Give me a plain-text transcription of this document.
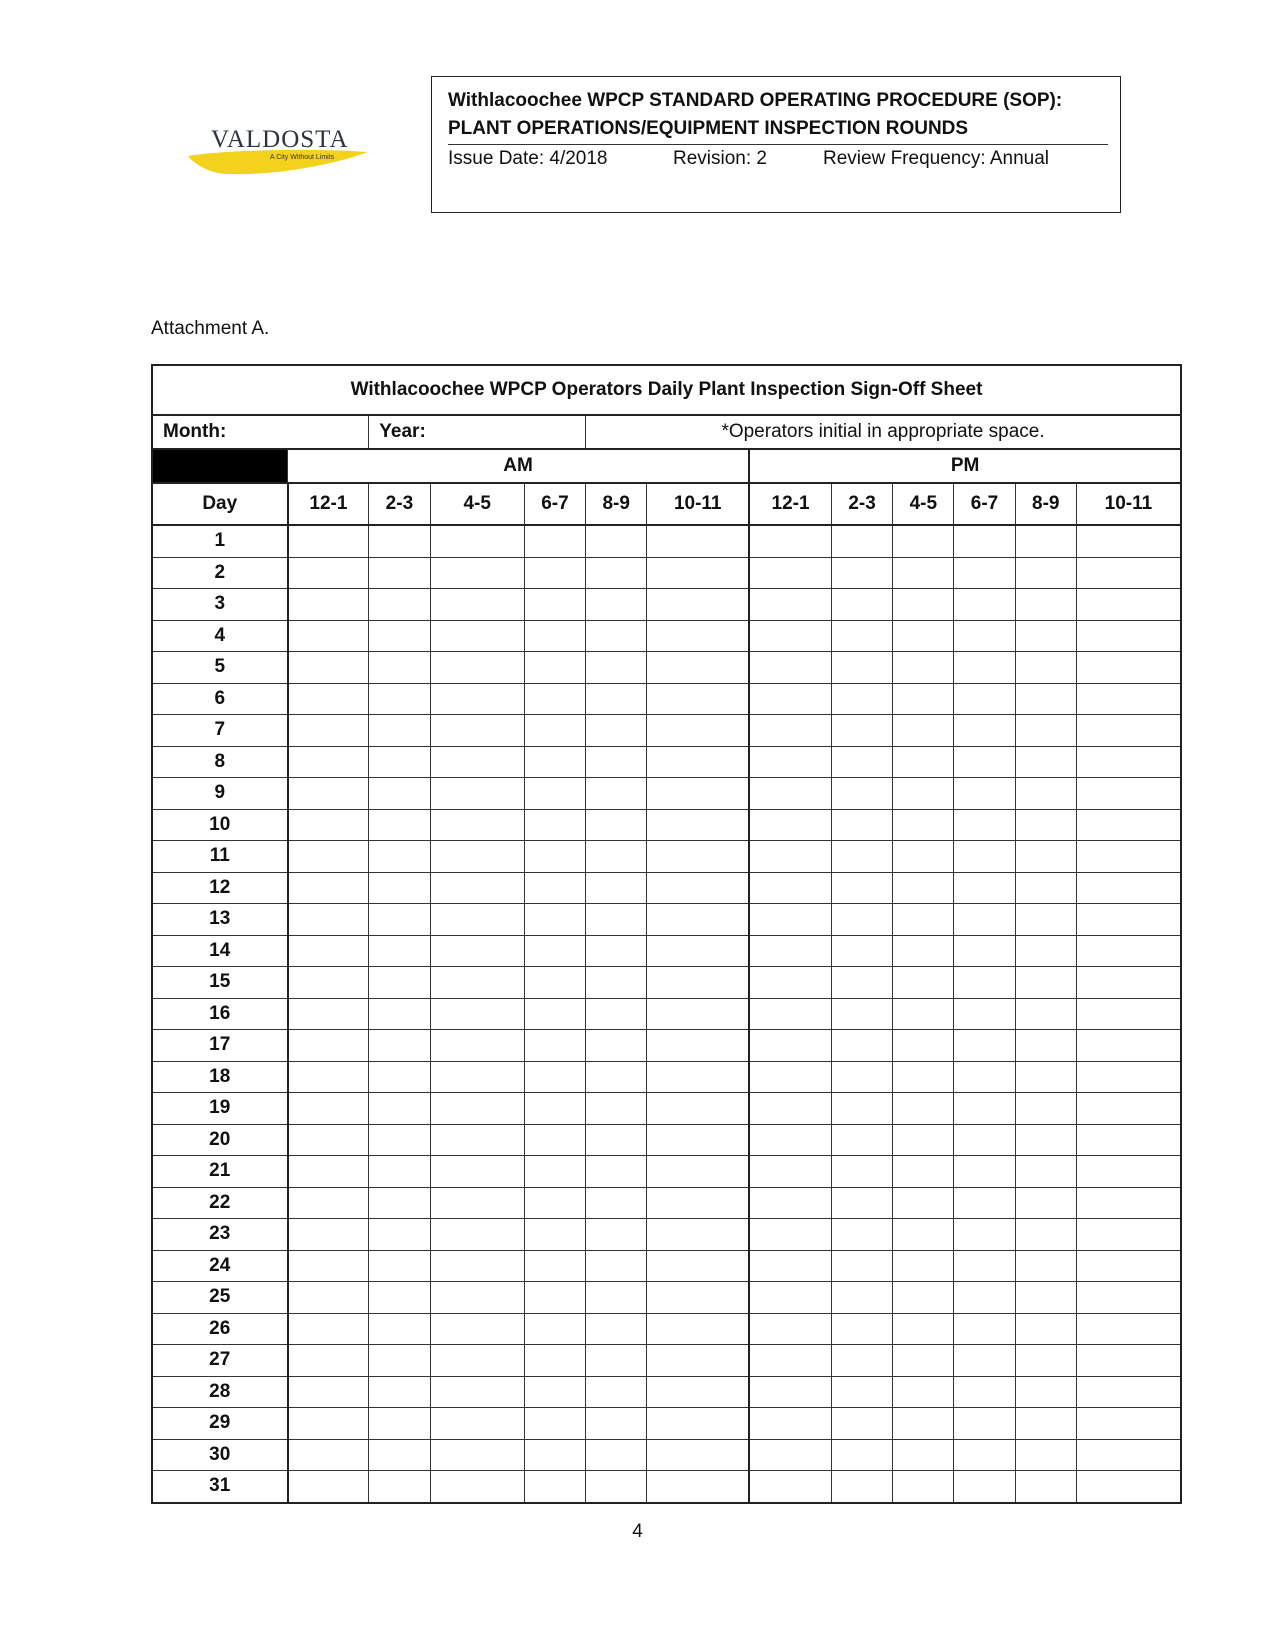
VALDOSTA
A City Without Limits
Withlacoochee WPCP STANDARD OPERATING PROCEDURE (SOP):
PLANT OPERATIONS/EQUIPMENT INSPECTION ROUNDS
Issue Date: 4/2018	Revision: 2	Review Frequency: Annual
Attachment A.
Withlacoochee WPCP Operators Daily Plant Inspection Sign-Off Sheet												
Month:		Year:			*Operators initial in appropriate space.							
	AM						PM					
Day	12-1	2-3	4-5	6-7	8-9	10-11	12-1	2-3	4-5	6-7	8-9	10-11
1												
2												
3												
4												
5												
6												
7												
8												
9												
10												
11												
12												
13												
14												
15												
16												
17												
18												
19												
20												
21												
22												
23												
24												
25												
26												
27												
28												
29												
30												
31												
4
